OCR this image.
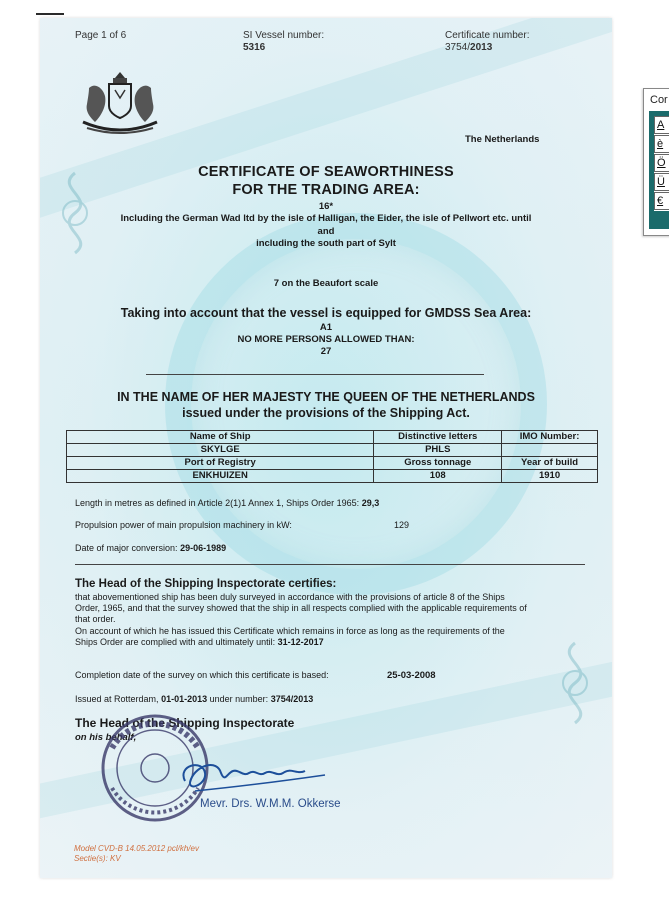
Page 1 of 6	SI Vessel number:
5316
Certificate number:
3754/2013
The Netherlands
CERTIFICATE OF SEAWORTHINESS
FOR THE TRADING AREA:
16*
Including the German Wad ltd by the isle of Halligan, the Eider, the isle of Pellwort etc. until
and
including the south part of Sylt
7 on the Beaufort scale
Taking into account that the vessel is equipped for GMDSS Sea Area:
A1
NO MORE PERSONS ALLOWED THAN:
27
IN THE NAME OF HER MAJESTY THE QUEEN OF THE NETHERLANDS
issued under the provisions of the Shipping Act.
Name of Ship	Distinctive letters	IMO Number:
SKYLGE	PHLS	
Port of Registry	Gross tonnage	Year of build
ENKHUIZEN	108	1910
Length in metres as defined in Article 2(1)1 Annex 1, Ships Order 1965: 29,3
Propulsion power of main propulsion machinery in kW:	129
Date of major conversion: 29-06-1989
The Head of the Shipping Inspectorate certifies:
that abovementioned ship has been duly surveyed in accordance with the provisions of article 8 of the Ships
Order, 1965, and that the survey showed that the ship in all respects complied with the applicable requirements of
that order.
On account of which he has issued this Certificate which remains in force as long as the requirements of the
Ships Order are complied with and ultimately until: 31-12-2017
Completion date of the survey on which this certificate is based:	25-03-2008
Issued at Rotterdam, 01-01-2013 under number: 3754/2013
The Head of the Shipping Inspectorate
on his behalf,
Mevr. Drs. W.M.M. Okkerse
Model CVD-B 14.05.2012 pcl/kh/ev
Sectie(s): KV
Cor
A
è
Ö
Ü
€
